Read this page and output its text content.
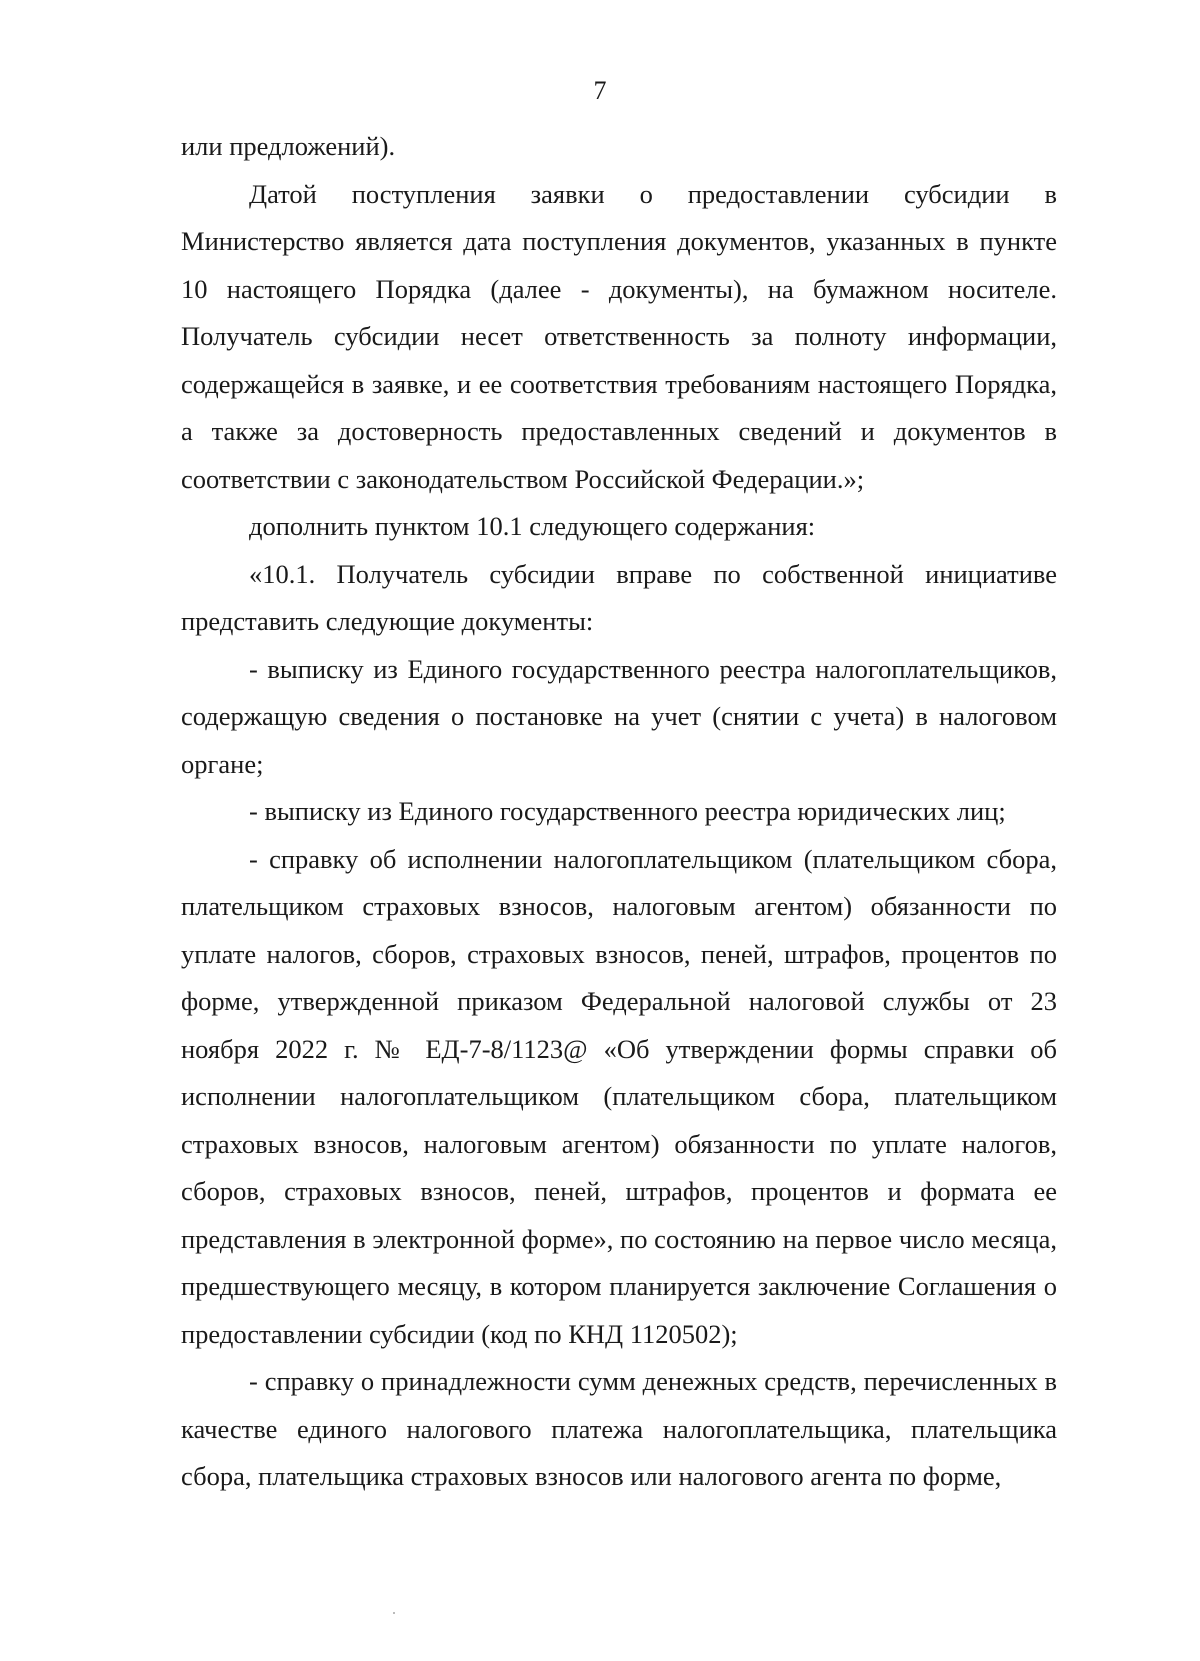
7

или предложений).

Датой поступления заявки о предоставлении субсидии в Министерство является дата поступления документов, указанных в пункте 10 настоящего Порядка (далее - документы), на бумажном носителе. Получатель субсидии несет ответственность за полноту информации, содержащейся в заявке, и ее соответствия требованиям настоящего Порядка, а также за достоверность предоставленных сведений и документов в соответствии с законодательством Российской Федерации.»;

дополнить пунктом 10.1 следующего содержания:

«10.1. Получатель субсидии вправе по собственной инициативе представить следующие документы:

- выписку из Единого государственного реестра налогоплательщиков, содержащую сведения о постановке на учет (снятии с учета) в налоговом органе;

- выписку из Единого государственного реестра юридических лиц;

- справку об исполнении налогоплательщиком (плательщиком сбора, плательщиком страховых взносов, налоговым агентом) обязанности по уплате налогов, сборов, страховых взносов, пеней, штрафов, процентов по форме, утвержденной приказом Федеральной налоговой службы от 23 ноября 2022 г. № ЕД-7-8/1123@ «Об утверждении формы справки об исполнении налогоплательщиком (плательщиком сбора, плательщиком страховых взносов, налоговым агентом) обязанности по уплате налогов, сборов, страховых взносов, пеней, штрафов, процентов и формата ее представления в электронной форме», по состоянию на первое число месяца, предшествующего месяцу, в котором планируется заключение Соглашения о предоставлении субсидии (код по КНД 1120502);

- справку о принадлежности сумм денежных средств, перечисленных в качестве единого налогового платежа налогоплательщика, плательщика сбора, плательщика страховых взносов или налогового агента по форме,
